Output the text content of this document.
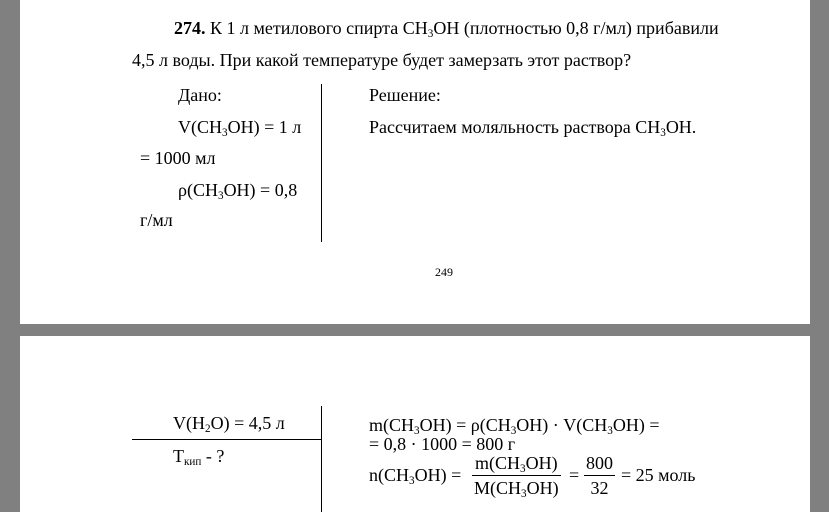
274. К 1 л метилового спирта $CH_3OH$ (плотностью 0,8 г/мл) прибавили
4,5 л воды. При какой температуре будет замерзать этот раствор?
Дано:	Решение:
$V(CH_3OH) = 1$ л	Рассчитаем моляльность раствора $CH_3OH$.
= 1000 мл
$\rho(CH_3OH) = 0,8$
г/мл
249
$V(H_2O) = 4,5$ л
$T_{кип}$ - ?
$m(CH_3OH) = \rho(CH_3OH) \cdot V(CH_3OH)$ =
= 0,8 · 1000 = 800 г
$n(CH_3OH)$ =
$m(CH_3OH)$
$M(CH_3OH)$
=
800
32
= 25 моль
